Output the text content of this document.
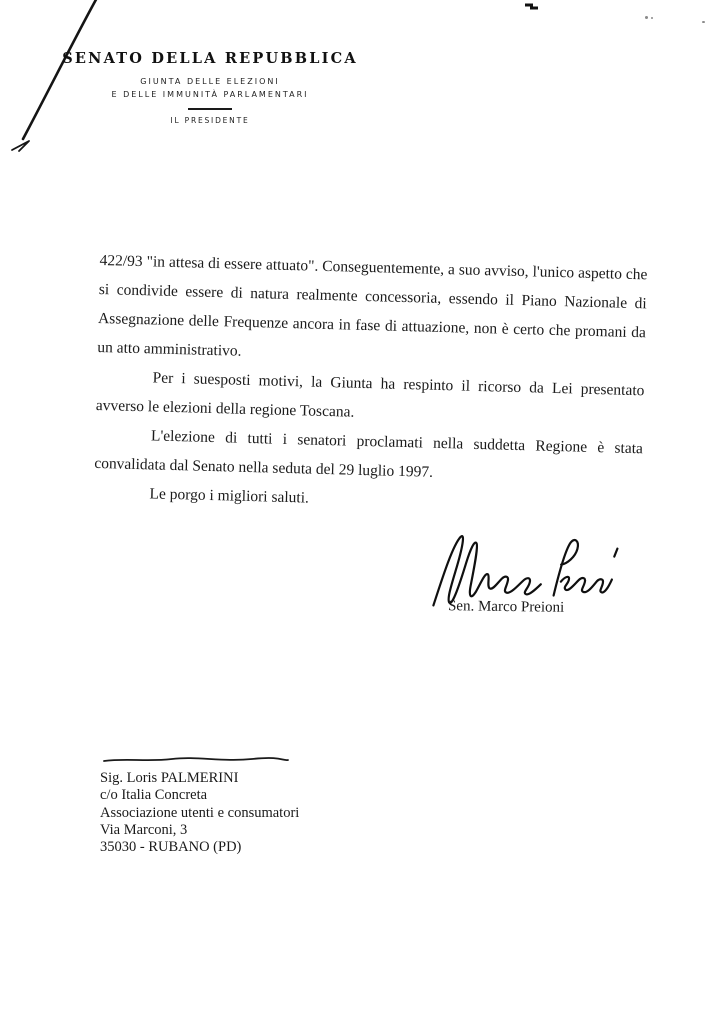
SENATO DELLA REPUBBLICA
GIUNTA DELLE ELEZIONI
E DELLE IMMUNITÀ PARLAMENTARI
IL PRESIDENTE

422/93 "in attesa di essere attuato". Conseguentemente, a suo avviso, l'unico aspetto che si condivide essere di natura realmente concessoria, essendo il Piano Nazionale di Assegnazione delle Frequenze ancora in fase di attuazione, non è certo che promani da un atto amministrativo.

Per i suesposti motivi, la Giunta ha respinto il ricorso da Lei presentato avverso le elezioni della regione Toscana.

L'elezione di tutti i senatori proclamati nella suddetta Regione è stata convalidata dal Senato nella seduta del 29 luglio 1997.

Le porgo i migliori saluti.

Sen. Marco Preioni
Sig. Loris PALMERINI
c/o Italia Concreta
Associazione utenti e consumatori
Via Marconi, 3
35030 - RUBANO (PD)
